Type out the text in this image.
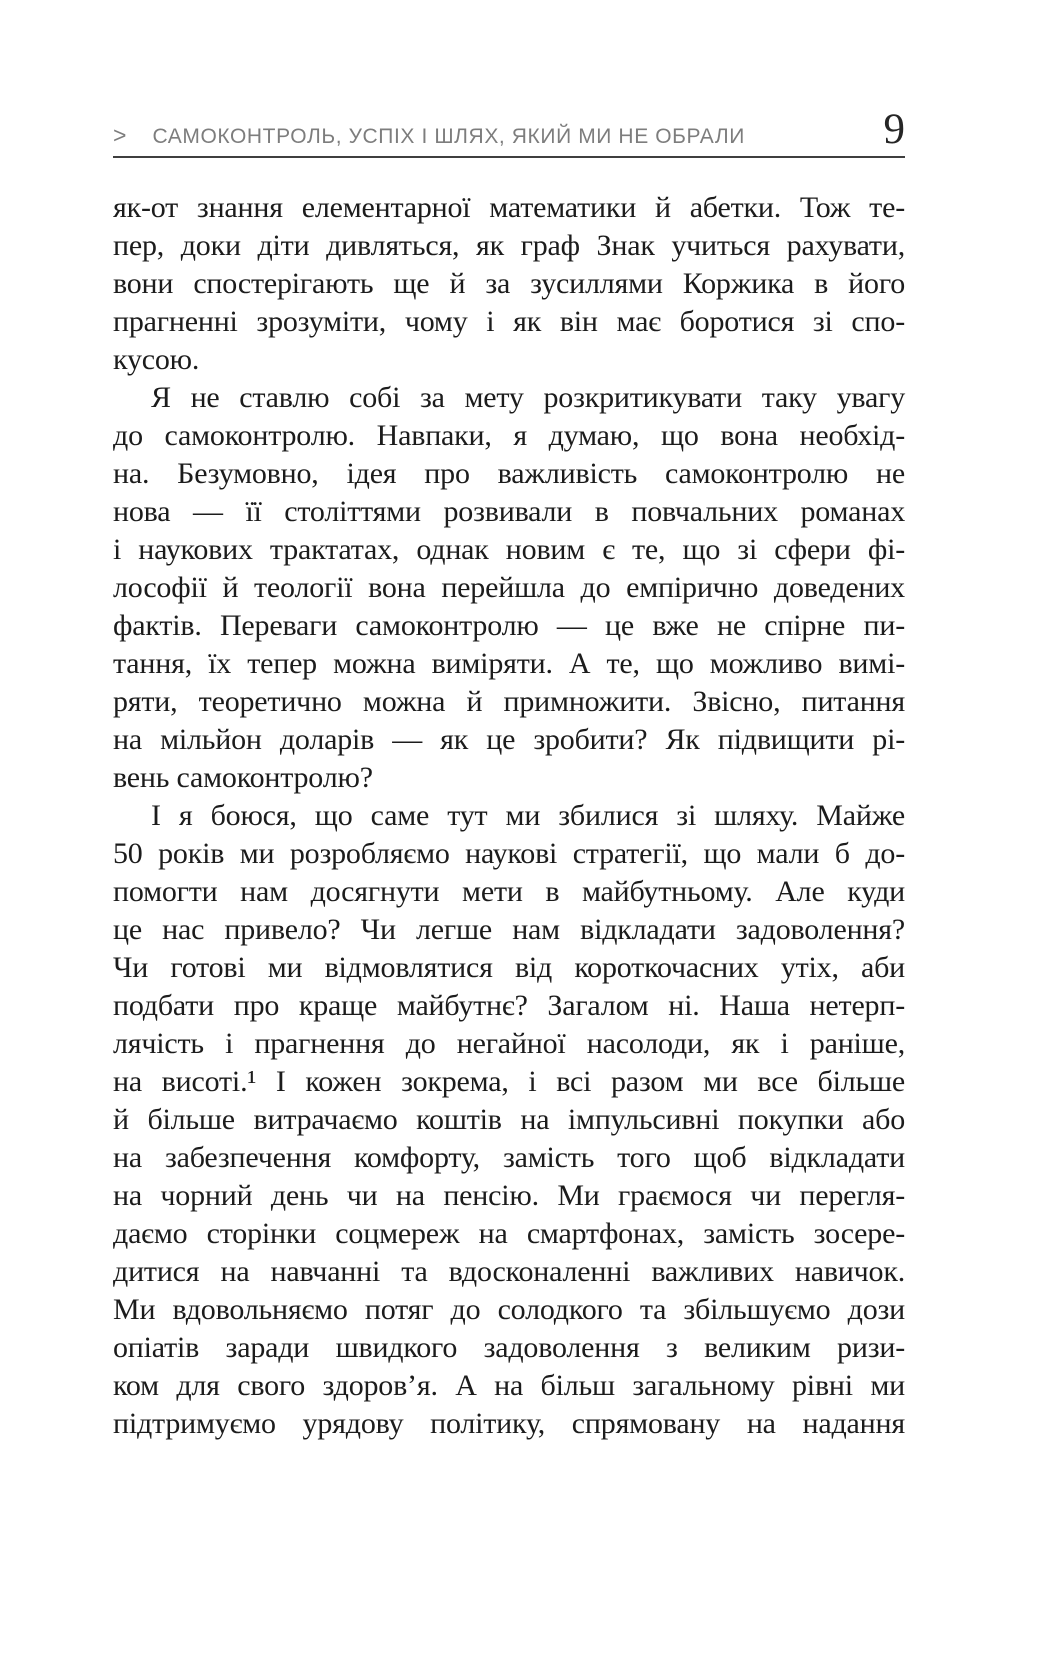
> САМОКОНТРОЛЬ, УСПІХ І ШЛЯХ, ЯКИЙ МИ НЕ ОБРАЛИ	9
як-от знання елементарної математики й абетки. Тож те-
пер, доки діти дивляться, як граф Знак учиться рахувати,
вони спостерігають ще й за зусиллями Коржика в його
прагненні зрозуміти, чому і як він має боротися зі спо-
кусою.
Я не ставлю собі за мету розкритикувати таку увагу
до самоконтролю. Навпаки, я думаю, що вона необхід-
на. Безумовно, ідея про важливість самоконтролю не
нова — її століттями розвивали в повчальних романах
і наукових трактатах, однак новим є те, що зі сфери фі-
лософії й теології вона перейшла до емпірично доведених
фактів. Переваги самоконтролю — це вже не спірне пи-
тання, їх тепер можна виміряти. А те, що можливо вимі-
ряти, теоретично можна й примножити. Звісно, питання
на мільйон доларів — як це зробити? Як підвищити рі-
вень самоконтролю?
І я боюся, що саме тут ми збилися зі шляху. Майже
50 років ми розробляємо наукові стратегії, що мали б до-
помогти нам досягнути мети в майбутньому. Але куди
це нас привело? Чи легше нам відкладати задоволення?
Чи готові ми відмовлятися від короткочасних утіх, аби
подбати про краще майбутнє? Загалом ні. Наша нетерп-
лячість і прагнення до негайної насолоди, як і раніше,
на висоті.¹ І кожен зокрема, і всі разом ми все більше
й більше витрачаємо коштів на імпульсивні покупки або
на забезпечення комфорту, замість того щоб відкладати
на чорний день чи на пенсію. Ми граємося чи перегля-
даємо сторінки соцмереж на смартфонах, замість зосере-
дитися на навчанні та вдосконаленні важливих навичок.
Ми вдовольняємо потяг до солодкого та збільшуємо дози
опіатів заради швидкого задоволення з великим ризи-
ком для свого здоров’я. А на більш загальному рівні ми
підтримуємо урядову політику, спрямовану на надання
